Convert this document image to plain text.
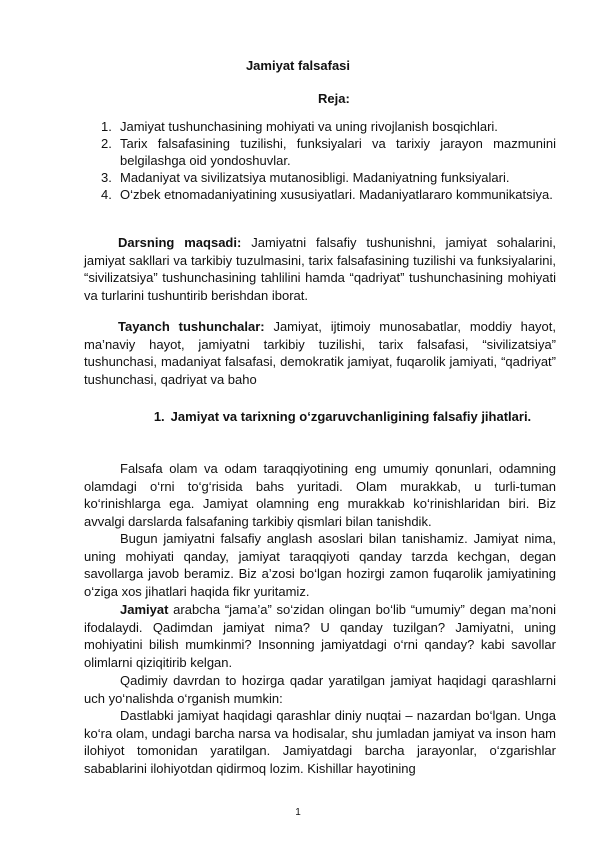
Jamiyat falsafasi
Reja:
1. Jamiyat tushunchasining mohiyati va uning rivojlanish bosqichlari.
2. Tarix falsafasining tuzilishi, funksiyalari va tarixiy jarayon mazmunini belgilashga oid yondoshuvlar.
3. Madaniyat va sivilizatsiya mutanosibligi. Madaniyatning funksiyalari.
4. O‘zbek etnomadaniyatining xususiyatlari. Madaniyatlararo kommunikatsiya.

Darsning maqsadi: Jamiyatni falsafiy tushunishni, jamiyat sohalarini, jamiyat sakllari va tarkibiy tuzulmasini, tarix falsafasining tuzilishi va funksiyalarini, “sivilizatsiya” tushunchasining tahlilini hamda “qadriyat” tushunchasining mohiyati va turlarini tushuntirib berishdan iborat.

Tayanch tushunchalar: Jamiyat, ijtimoiy munosabatlar, moddiy hayot, ma’naviy hayot, jamiyatni tarkibiy tuzilishi, tarix falsafasi, “sivilizatsiya” tushunchasi, madaniyat falsafasi, demokratik jamiyat, fuqarolik jamiyati, “qadriyat” tushunchasi, qadriyat va baho

1. Jamiyat va tarixning o‘zgaruvchanligining falsafiy jihatlari.

Falsafa olam va odam taraqqiyotining eng umumiy qonunlari, odamning olamdagi o‘rni to‘g‘risida bahs yuritadi. Olam murakkab, u turli-tuman ko‘rinishlarga ega. Jamiyat olamning eng murakkab ko‘rinishlaridan biri. Biz avvalgi darslarda falsafaning tarkibiy qismlari bilan tanishdik.

Bugun jamiyatni falsafiy anglash asoslari bilan tanishamiz. Jamiyat nima, uning mohiyati qanday, jamiyat taraqqiyoti qanday tarzda kechgan, degan savollarga javob beramiz. Biz a’zosi bo‘lgan hozirgi zamon fuqarolik jamiyatining o‘ziga xos jihatlari haqida fikr yuritamiz.

Jamiyat arabcha “jama’a” so‘zidan olingan bo‘lib “umumiy” degan ma’noni ifodalaydi. Qadimdan jamiyat nima? U qanday tuzilgan? Jamiyatni, uning mohiyatini bilish mumkinmi? Insonning jamiyatdagi o‘rni qanday? kabi savollar olimlarni qiziqitirib kelgan.

Qadimiy davrdan to hozirga qadar yaratilgan jamiyat haqidagi qarashlarni uch yo‘nalishda o‘rganish mumkin:

Dastlabki jamiyat haqidagi qarashlar diniy nuqtai – nazardan bo‘lgan. Unga ko‘ra olam, undagi barcha narsa va hodisalar, shu jumladan jamiyat va inson ham ilohiyot tomonidan yaratilgan. Jamiyatdagi barcha jarayonlar, o‘zgarishlar sabablarini ilohiyotdan qidirmoq lozim. Kishillar hayotining

1
